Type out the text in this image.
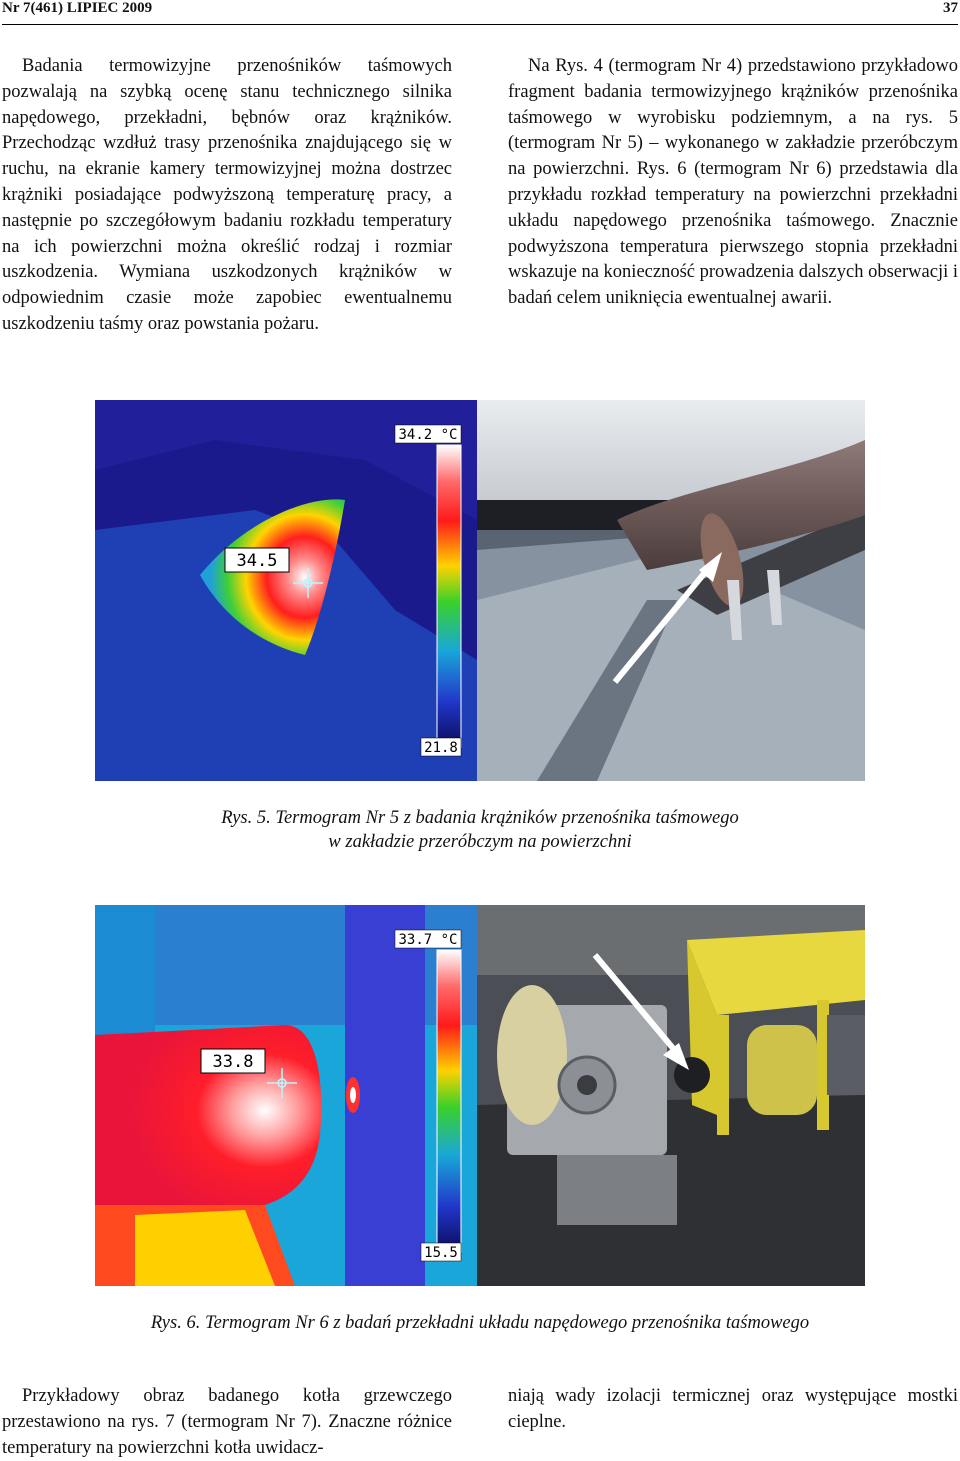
Nr 7(461) LIPIEC 2009	37

Badania termowizyjne przenośników taśmowych pozwalają na szybką ocenę stanu technicznego silnika napędowego, przekładni, bębnów oraz krążników. Przechodząc wzdłuż trasy przenośnika znajdującego się w ruchu, na ekranie kamery termowizyjnej można dostrzec krążniki posiadające podwyższoną temperaturę pracy, a następnie po szczegółowym badaniu rozkładu temperatury na ich powierzchni można określić rodzaj i rozmiar uszkodzenia. Wymiana uszkodzonych krążników w odpowiednim czasie może zapobiec ewentualnemu uszkodzeniu taśmy oraz powstania pożaru.

Na Rys. 4 (termogram Nr 4) przedstawiono przykładowo fragment badania termowizyjnego krążników przenośnika taśmowego w wyrobisku podziemnym, a na rys. 5 (termogram Nr 5) – wykonanego w zakładzie przeróbczym na powierzchni. Rys. 6 (termogram Nr 6) przedstawia dla przykładu rozkład temperatury na powierzchni przekładni układu napędowego przenośnika taśmowego. Znacznie podwyższona temperatura pierwszego stopnia przekładni wskazuje na konieczność prowadzenia dalszych obserwacji i badań celem uniknięcia ewentualnej awarii.

34.2 °C
21.8
34.5
Rys. 5. Termogram Nr 5 z badania krążników przenośnika taśmowego
w zakładzie przeróbczym na powierzchni
33.7 °C
15.5
33.8
Rys. 6. Termogram Nr 6 z badań przekładni układu napędowego przenośnika taśmowego

Przykładowy obraz badanego kotła grzewczego przestawiono na rys. 7 (termogram Nr 7). Znaczne różnice temperatury na powierzchni kotła uwidacz-

niają wady izolacji termicznej oraz występujące mostki cieplne.
